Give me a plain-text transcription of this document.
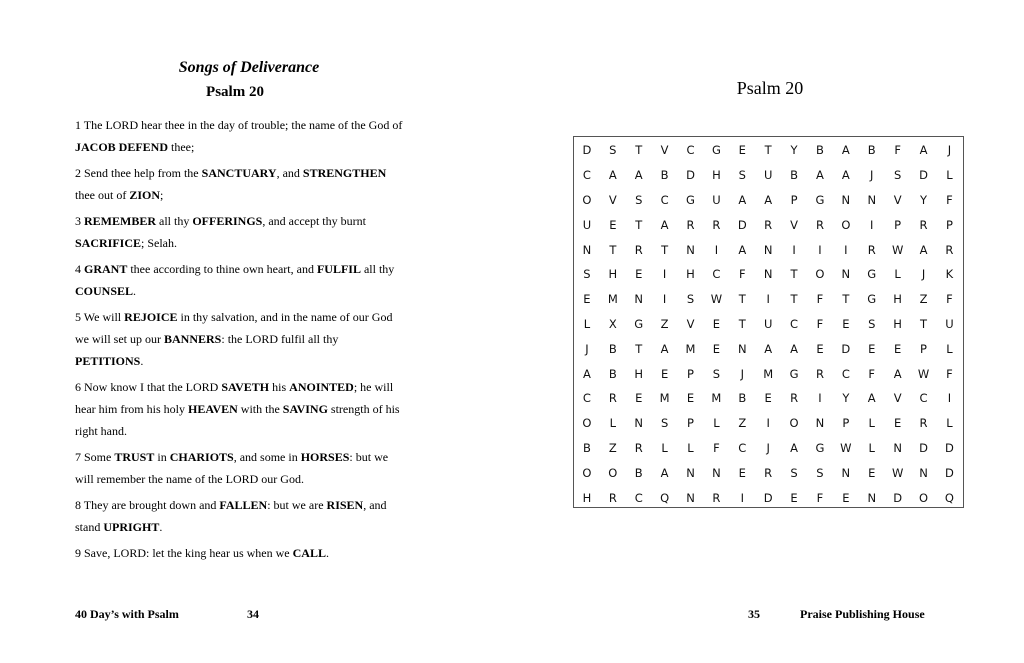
Songs of Deliverance
Psalm 20
1 The LORD hear thee in the day of trouble; the name of the God of JACOB DEFEND thee;
2 Send thee help from the SANCTUARY, and STRENGTHEN thee out of ZION;
3 REMEMBER all thy OFFERINGS, and accept thy burnt SACRIFICE; Selah.
4 GRANT thee according to thine own heart, and FULFIL all thy COUNSEL.
5 We will REJOICE in thy salvation, and in the name of our God we will set up our BANNERS: the LORD fulfil all thy PETITIONS.
6 Now know I that the LORD SAVETH his ANOINTED; he will hear him from his holy HEAVEN with the SAVING strength of his right hand.
7 Some TRUST in CHARIOTS, and some in HORSES: but we will remember the name of the LORD our God.
8 They are brought down and FALLEN: but we are RISEN, and stand UPRIGHT.
9 Save, LORD: let the king hear us when we CALL.
40 Day’s with Psalm	34
Psalm 20
D	S	T	V	C	G	E	T	Y	B	A	B	F	A	J
C	A	A	B	D	H	S	U	B	A	A	J	S	D	L
O	V	S	C	G	U	A	A	P	G	N	N	V	Y	F
U	E	T	A	R	R	D	R	V	R	O	I	P	R	P
N	T	R	T	N	I	A	N	I	I	I	R	W	A	R
S	H	E	I	H	C	F	N	T	O	N	G	L	J	K
E	M	N	I	S	W	T	I	T	F	T	G	H	Z	F
L	X	G	Z	V	E	T	U	C	F	E	S	H	T	U
J	B	T	A	M	E	N	A	A	E	D	E	E	P	L
A	B	H	E	P	S	J	M	G	R	C	F	A	W	F
C	R	E	M	E	M	B	E	R	I	Y	A	V	C	I
O	L	N	S	P	L	Z	I	O	N	P	L	E	R	L
B	Z	R	L	L	F	C	J	A	G	W	L	N	D	D
O	O	B	A	N	N	E	R	S	S	N	E	W	N	D
H	R	C	Q	N	R	I	D	E	F	E	N	D	O	Q
35	Praise Publishing House
